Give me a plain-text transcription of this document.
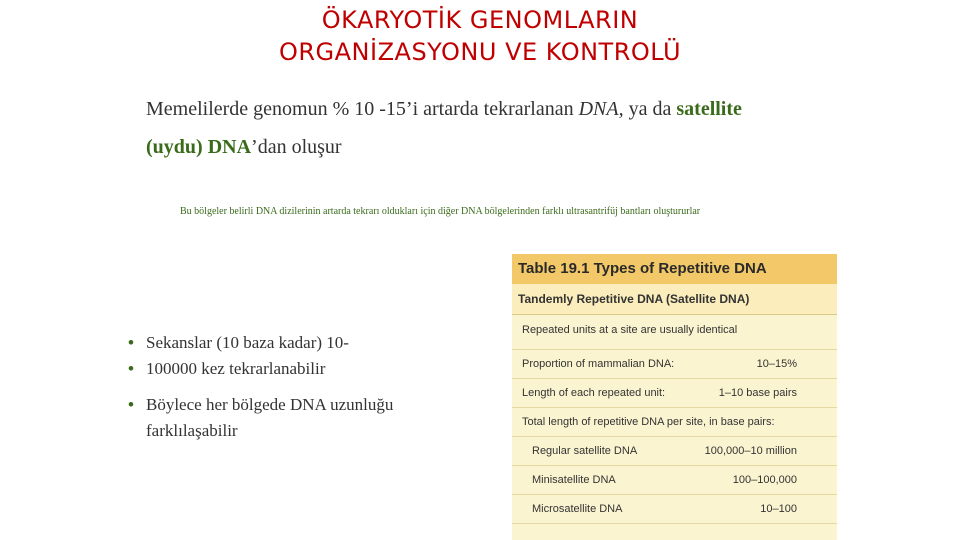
ÖKARYOTİK GENOMLARIN
ORGANİZASYONU VE KONTROLÜ
Memelilerde genomun % 10 -15’i artarda tekrarlanan DNA, ya da satellite
(uydu) DNA’dan oluşur
Bu bölgeler belirli DNA dizilerinin artarda tekrarı oldukları için diğer DNA bölgelerinden farklı ultrasantrifüj bantları oluştururlar
• Sekanslar (10 baza kadar) 10-
• 100000 kez tekrarlanabilir
• Böylece her bölgede DNA uzunluğu farklılaşabilir
Table 19.1 Types of Repetitive DNA
Tandemly Repetitive DNA (Satellite DNA)
Repeated units at a site are usually identical
Proportion of mammalian DNA:	10–15%
Length of each repeated unit:	1–10 base pairs
Total length of repetitive DNA per site, in base pairs:
Regular satellite DNA	100,000–10 million
Minisatellite DNA	100–100,000
Microsatellite DNA	10–100
